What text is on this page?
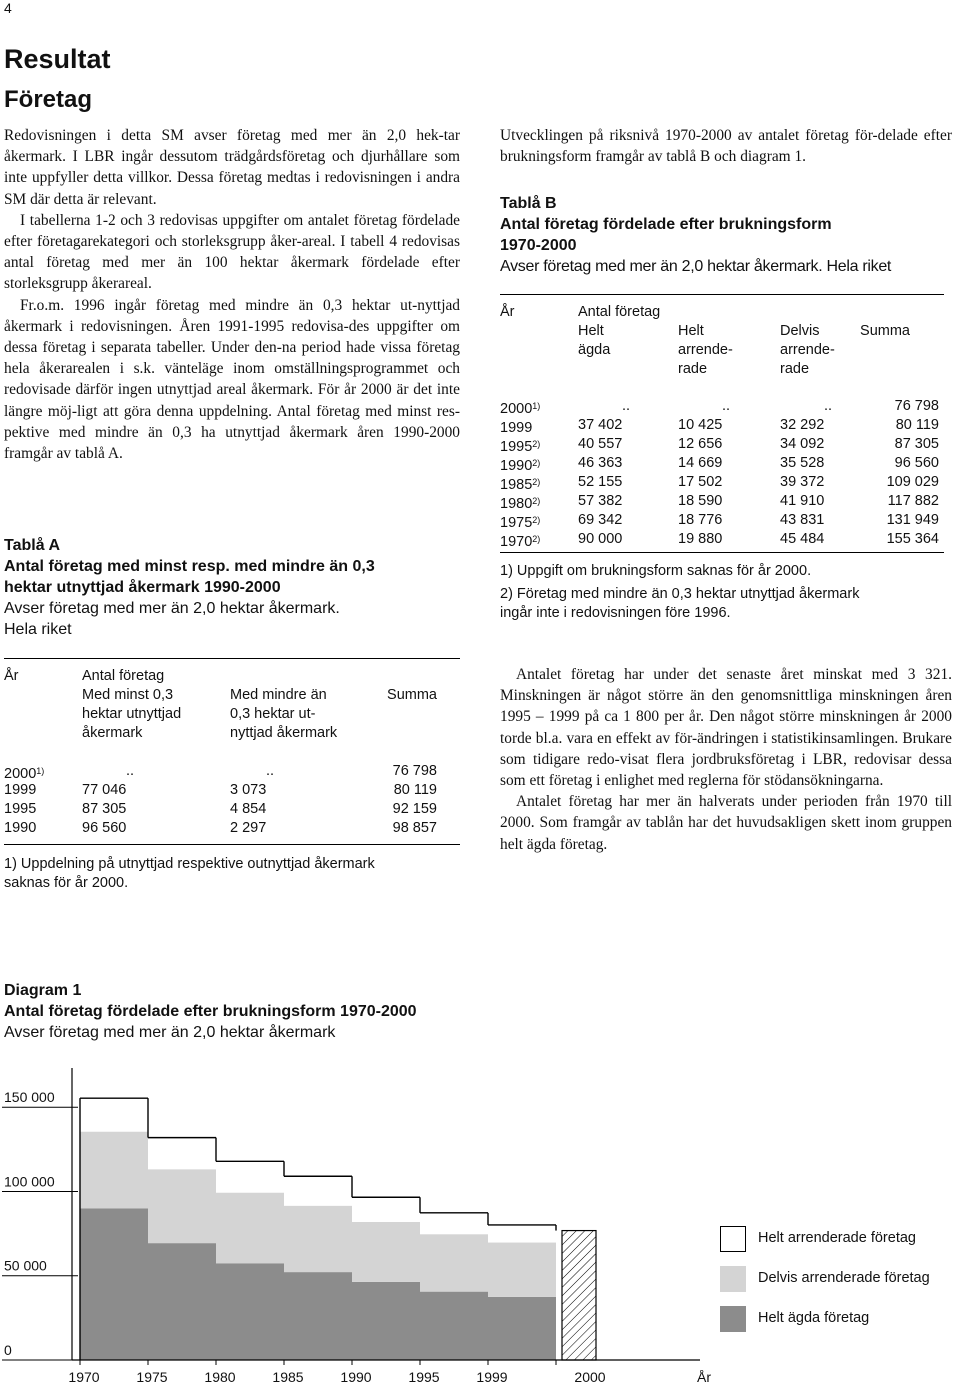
4
Resultat
Företag

Redovisningen i detta SM avser företag med mer än 2,0 hek-tar åkermark. I LBR ingår dessutom trädgårdsföretag och djurhållare som inte uppfyller detta villkor. Dessa företag medtas i redovisningen i andra SM där detta är relevant.

I tabellerna 1-2 och 3 redovisas uppgifter om antalet företag fördelade efter företagarekategori och storleksgrupp åker-areal. I tabell 4 redovisas antal företag med mer än 100 hektar åkermark fördelade efter storleksgrupp åkerareal.

Fr.o.m. 1996 ingår företag med mindre än 0,3 hektar ut-nyttjad åkermark i redovisningen. Åren 1991-1995 redovisa-des uppgifter om dessa företag i separata tabeller. Under den-na period hade vissa företag hela åkerarealen i s.k. vänteläge inom omställningsprogrammet och redovisade därför ingen utnyttjad areal åkermark. För år 2000 är det inte längre möj-ligt att göra denna uppdelning. Antal företag med minst res-pektive med mindre än 0,3 ha utnyttjad åkermark åren 1990-2000 framgår av tablå A.

Tablå A
Antal företag med minst resp. med mindre än 0,3
hektar utnyttjad åkermark 1990-2000
Avser företag med mer än 2,0 hektar åkermark.
Hela riket
År	Antal företag
Med minst 0,3
hektar utnyttjad
åkermark
Med mindre än
0,3 hektar ut-
nyttjad åkermark
Summa
2000$^{1)}$	..	..	76 798
1999	77 046	3 073	80 119
1995	87 305	4 854	92 159
1990	96 560	2 297	98 857
1) Uppdelning på utnyttjad respektive outnyttjad åkermark
saknas för år 2000.

Utvecklingen på riksnivå 1970-2000 av antalet företag för-delade efter brukningsform framgår av tablå B och diagram 1.

Tablå B
Antal företag fördelade efter brukningsform
1970-2000
Avser företag med mer än 2,0 hektar åkermark. Hela riket
År	Antal företag
Helt
ägda
Helt
arrende-
rade
Delvis
arrende-
rade
Summa
2000$^{1)}$	..	..	..	76 798
1999	37 402	10 425	32 292	80 119
1995$^{2)}$	40 557	12 656	34 092	87 305
1990$^{2)}$	46 363	14 669	35 528	96 560
1985$^{2)}$	52 155	17 502	39 372	109 029
1980$^{2)}$	57 382	18 590	41 910	117 882
1975$^{2)}$	69 342	18 776	43 831	131 949
1970$^{2)}$	90 000	19 880	45 484	155 364
1) Uppgift om brukningsform saknas för år 2000.
2) Företag med mindre än 0,3 hektar utnyttjad åkermark
ingår inte i redovisningen före 1996.

Antalet företag har under det senaste året minskat med 3 321. Minskningen är något större än den genomsnittliga minskningen åren 1995 – 1999 på ca 1 800 per år. Den något större minskningen år 2000 torde bl.a. vara en effekt av för-ändringen i statistikinsamlingen. Brukare som tidigare redo-visat flera jordbruksföretag i LBR, redovisar dessa som ett företag i enlighet med reglerna för stödansökningarna.

Antalet företag har mer än halverats under perioden från 1970 till 2000. Som framgår av tablån har det huvudsakligen skett inom gruppen helt ägda företag.

Diagram 1
Antal företag fördelade efter brukningsform 1970-2000
Avser företag med mer än 2,0 hektar åkermark
0
50 000
100 000
150 000
1970	1975	1980	1985	1990	1995	1999	2000	År
Helt arrenderade företag
Delvis arrenderade företag
Helt ägda företag
